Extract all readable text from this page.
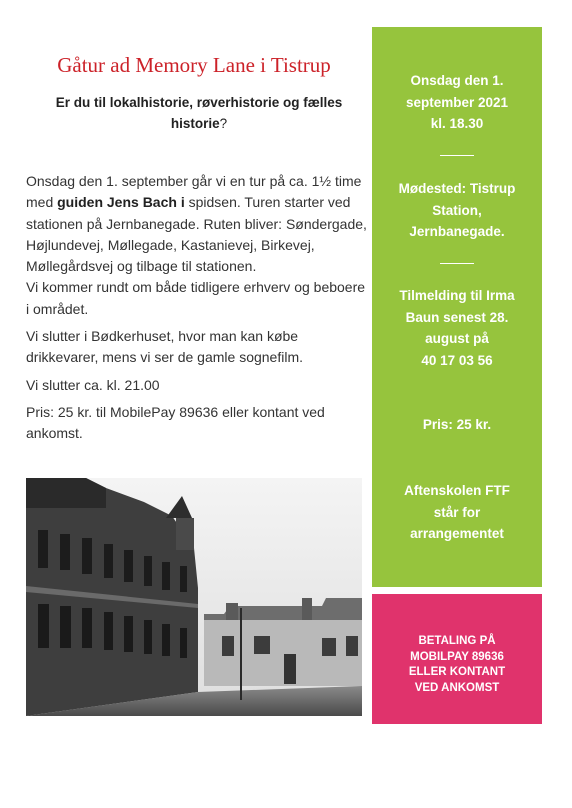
Gåtur ad Memory Lane i Tistrup

Er du til lokalhistorie, røverhistorie og fælles historie?

Onsdag den 1. september går vi en tur på ca. 1½ time med guiden Jens Bach i spidsen. Turen starter ved stationen på Jernbanegade. Ruten bliver: Søndergade, Højlundevej, Møllegade, Kastanievej, Birkevej, Møllegårdsvej og tilbage til stationen.
Vi kommer rundt om både tidligere erhverv og beboere i området.

Vi slutter i Bødkerhuset, hvor man kan købe drikkevarer, mens vi ser de gamle sognefilm.

Vi slutter ca. kl. 21.00

Pris: 25 kr. til MobilePay 89636 eller kontant ved ankomst.

Onsdag den 1.
september 2021
kl. 18.30
Mødested: Tistrup
Station,
Jernbanegade.
Tilmelding til Irma
Baun senest 28.
august på
40 17 03 56
Pris: 25 kr.
Aftenskolen FTF
står for
arrangementet
BETALING PÅ
MOBILPAY 89636
ELLER KONTANT
VED ANKOMST
